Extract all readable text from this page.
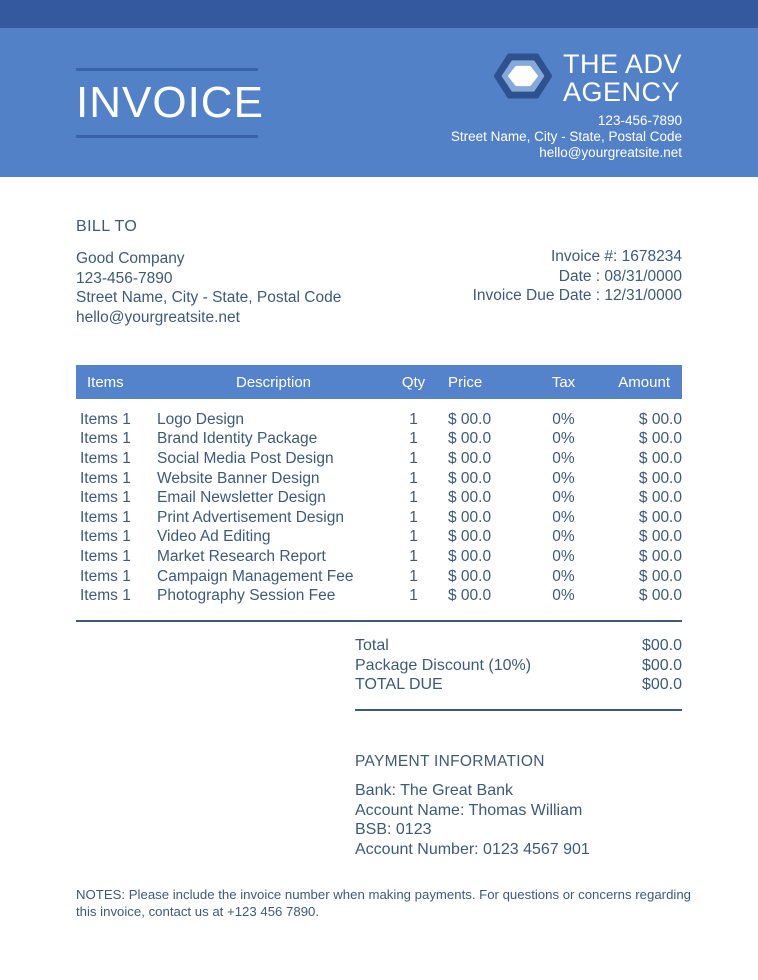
INVOICE
THE ADV
AGENCY
123-456-7890
Street Name, City - State, Postal Code
hello@yourgreatsite.net
BILL TO
Good Company
123-456-7890
Street Name, City - State, Postal Code
hello@yourgreatsite.net
Invoice #: 1678234
Date : 08/31/0000
Invoice Due Date : 12/31/0000
Items	Description	Qty	Price	Tax	Amount
Items 1	Logo Design	1	$ 00.0	0%	$ 00.0
Items 1	Brand Identity Package	1	$ 00.0	0%	$ 00.0
Items 1	Social Media Post Design	1	$ 00.0	0%	$ 00.0
Items 1	Website Banner Design	1	$ 00.0	0%	$ 00.0
Items 1	Email Newsletter Design	1	$ 00.0	0%	$ 00.0
Items 1	Print Advertisement Design	1	$ 00.0	0%	$ 00.0
Items 1	Video Ad Editing	1	$ 00.0	0%	$ 00.0
Items 1	Market Research Report	1	$ 00.0	0%	$ 00.0
Items 1	Campaign Management Fee	1	$ 00.0	0%	$ 00.0
Items 1	Photography Session Fee	1	$ 00.0	0%	$ 00.0
Total	$00.0
Package Discount (10%)	$00.0
TOTAL DUE	$00.0
PAYMENT INFORMATION
Bank: The Great Bank
Account Name: Thomas William
BSB: 0123
Account Number: 0123 4567 901
NOTES: Please include the invoice number when making payments. For questions or concerns regarding this invoice, contact us at +123 456 7890.
